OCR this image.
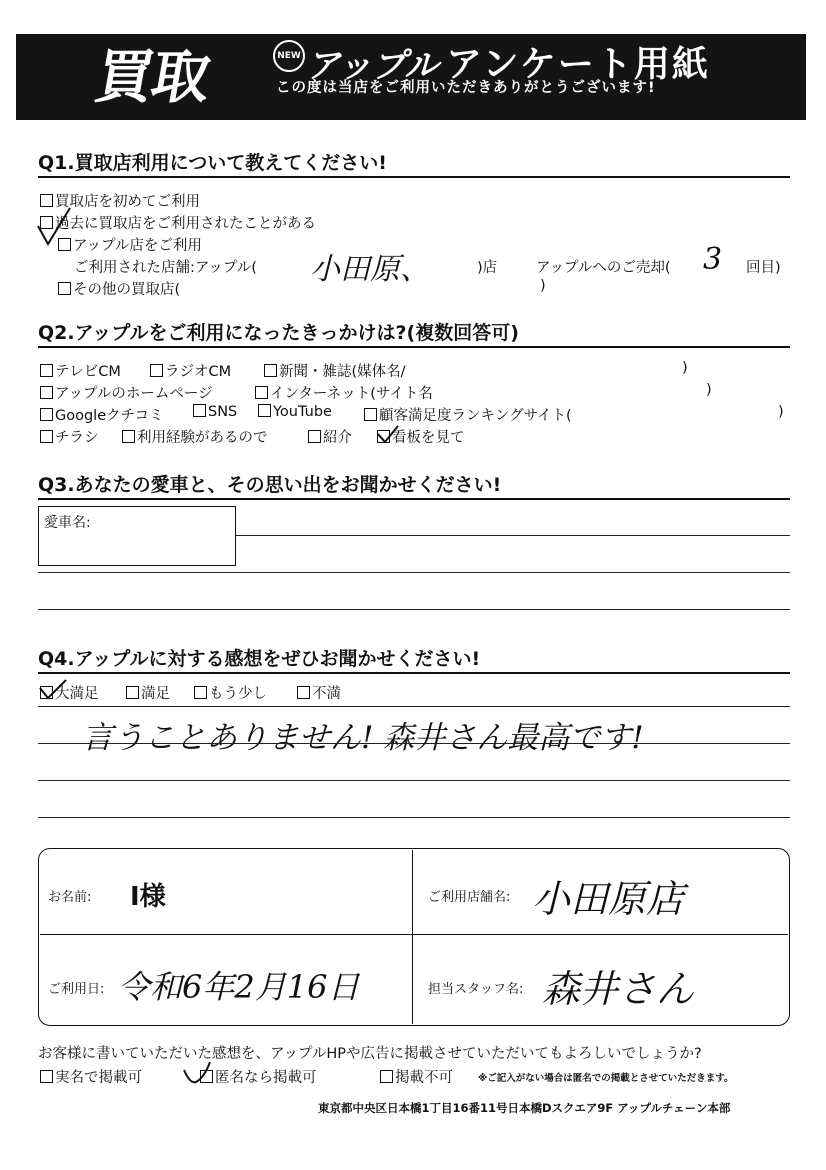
買取	NEW アップル アンケート用紙
この度は当店をご利用いただきありがとうございます!
Q1.買取店利用について教えてください!
買取店を初めてご利用
過去に買取店をご利用されたことがある
アップル店をご利用
ご利用された店舗:アップル( 小田原、	)店	アップルへのご売却( 3 回目)
その他の買取店(	)
Q2.アップルをご利用になったきっかけは?(複数回答可)
テレビCM	ラジオCM	新聞・雑誌(媒体名/	)
アップルのホームページ	インターネット(サイト名	)
Googleクチコミ	SNS	YouTube	顧客満足度ランキングサイト(	)
チラシ	利用経験があるので	紹介	看板を見て
Q3.あなたの愛車と、その思い出をお聞かせください!
愛車名:
Q4.アップルに対する感想をぜひお聞かせください!
大満足	満足	もう少し	不満
言うことありません! 森井さん最高です!
お名前: I様	ご利用店舗名: 小田原店
ご利用日: 令和6年2月16日	担当スタッフ名: 森井さん
お客様に書いていただいた感想を、アップルHPや広告に掲載させていただいてもよろしいでしょうか?
実名で掲載可	匿名なら掲載可	掲載不可	※ご記入がない場合は匿名での掲載とさせていただきます。
東京都中央区日本橋1丁目16番11号日本橋Dスクエア9F アップルチェーン本部
